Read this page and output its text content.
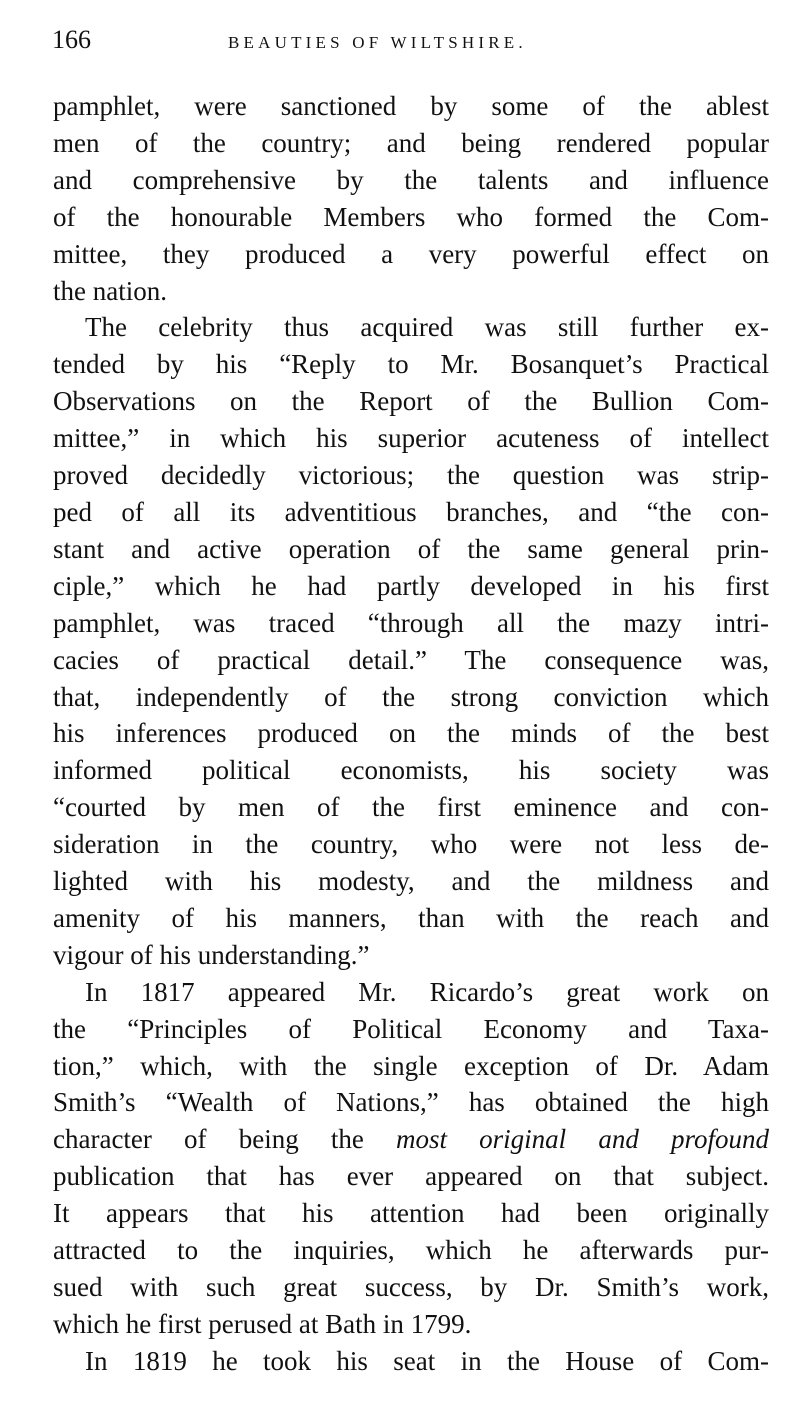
166	BEAUTIES OF WILTSHIRE.
pamphlet, were sanctioned by some of the ablest
men of the country; and being rendered popular
and comprehensive by the talents and influence
of the honourable Members who formed the Com-
mittee, they produced a very powerful effect on
the nation.
The celebrity thus acquired was still further ex-
tended by his “Reply to Mr. Bosanquet’s Practical
Observations on the Report of the Bullion Com-
mittee,” in which his superior acuteness of intellect
proved decidedly victorious; the question was strip-
ped of all its adventitious branches, and “the con-
stant and active operation of the same general prin-
ciple,” which he had partly developed in his first
pamphlet, was traced “through all the mazy intri-
cacies of practical detail.” The consequence was,
that, independently of the strong conviction which
his inferences produced on the minds of the best
informed political economists, his society was
“courted by men of the first eminence and con-
sideration in the country, who were not less de-
lighted with his modesty, and the mildness and
amenity of his manners, than with the reach and
vigour of his understanding.”
In 1817 appeared Mr. Ricardo’s great work on
the “Principles of Political Economy and Taxa-
tion,” which, with the single exception of Dr. Adam
Smith’s “Wealth of Nations,” has obtained the high
character of being the most original and profound
publication that has ever appeared on that subject.
It appears that his attention had been originally
attracted to the inquiries, which he afterwards pur-
sued with such great success, by Dr. Smith’s work,
which he first perused at Bath in 1799.
In 1819 he took his seat in the House of Com-
